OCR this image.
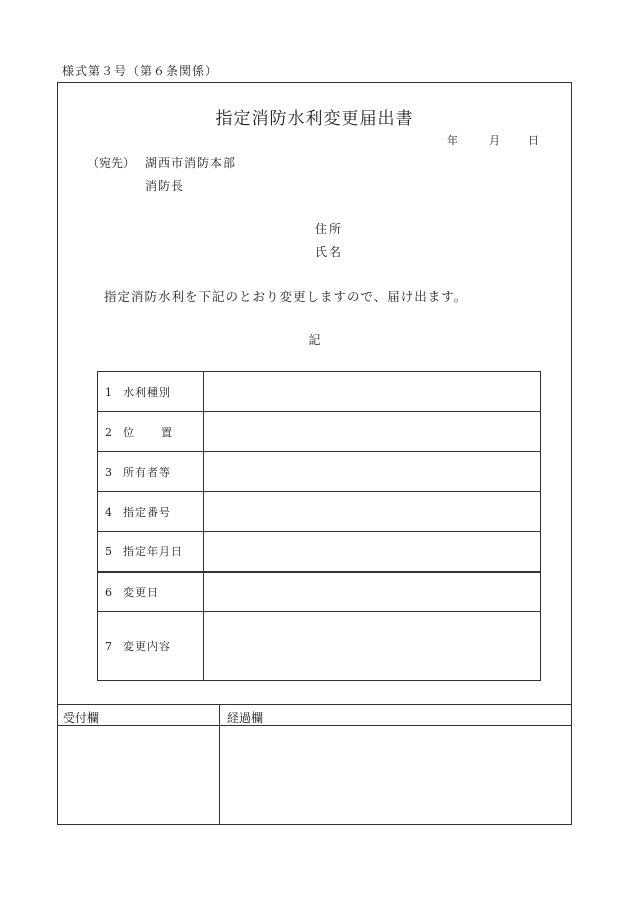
様式第３号（第６条関係）
指定消防水利変更届出書
年	月	日
（宛先） 湖西市消防本部
消防長
住所
氏名
指定消防水利を下記のとおり変更しますので、届け出ます。
記
1 水利種別	
2 位 置	
3 所有者等	
4 指定番号	
5 指定年月日	
6 変更日	
7 変更内容	
受付欄	経過欄
